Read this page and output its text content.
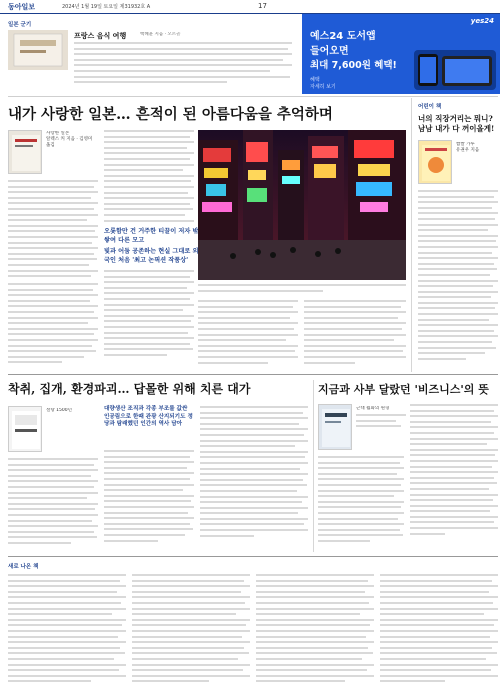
동아일보	2024년 1월 19일 토요일 제31932호 A	17
일본 군기
프랑스 음식 여행	백혜윤 지음 · 오르골
yes24
예스24 도서앱
들어오면
최대 7,600원 혜택!
혜택
자세히 보기
내가 사랑한 일본… 흔적이 된 아름다움을 추억하며
사랑한 일본
알렉스 커 지음 · 김영미 옮김
오롯함만 건 거주한 티끌이 저자 밖 쌓여 다른 모고
빛과 어둠 공존하는 현실 그대로 외국인 처음 '최고 논픽션 작품상'
어린이 책
너의 직장거리는 뭐니? 남남 내가 다 꺼이올게!
짭짤 가루
유권우 지음
착취, 집개, 환경파괴… 답몰한 위해 치른 대가	지금과 사부 달랐던 '비즈니스'의 뜻
설탕 1500년	대량생산 조직과 각종 부조를 값싼 인공림으로 한때 관광 산지되기도 정당과 탐래했던 인간의 역사 담아
근대 월화의 원형
새로 나온 책
